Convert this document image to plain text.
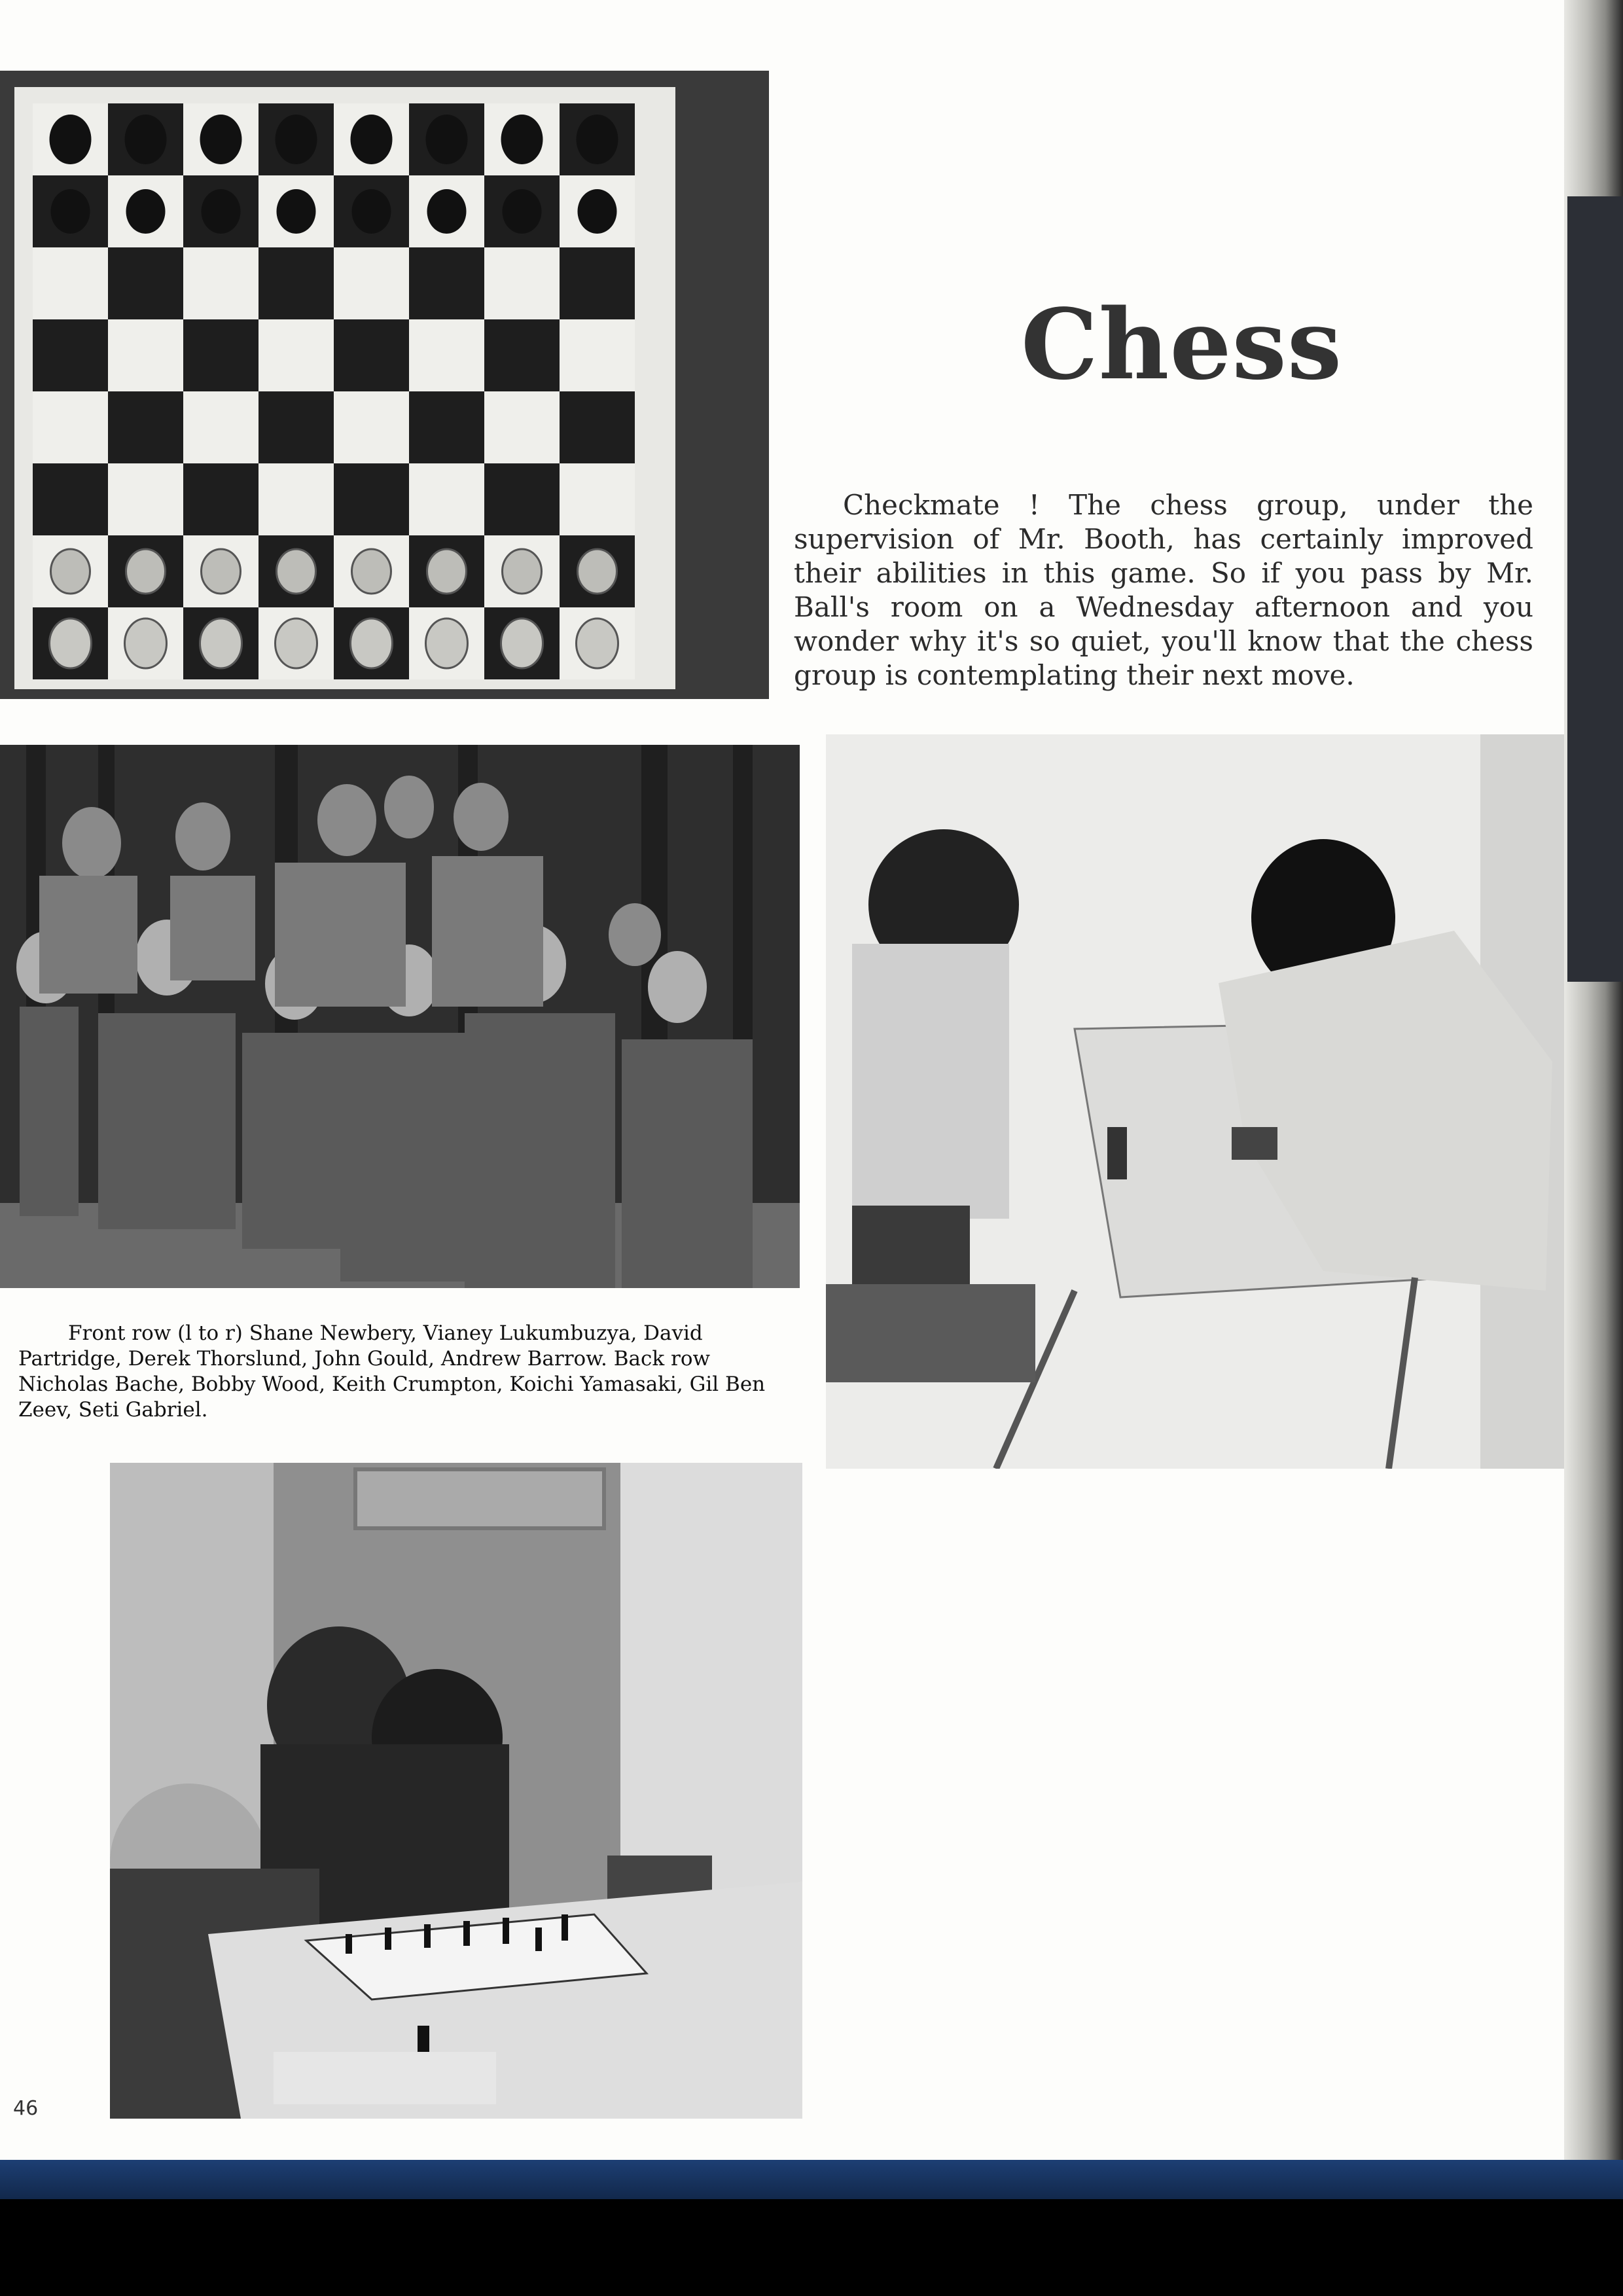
Chess

Checkmate ! The chess group, under the supervision of Mr. Booth, has certainly improved their abilities in this game. So if you pass by Mr. Ball's room on a Wednesday afternoon and you wonder why it's so quiet, you'll know that the chess group is contemplating their next move.

Front row (l to r) Shane Newbery, Vianey Lukumbuzya, David Partridge, Derek Thorslund, John Gould, Andrew Barrow. Back row Nicholas Bache, Bobby Wood, Keith Crumpton, Koichi Yamasaki, Gil Ben Zeev, Seti Gabriel.

46
